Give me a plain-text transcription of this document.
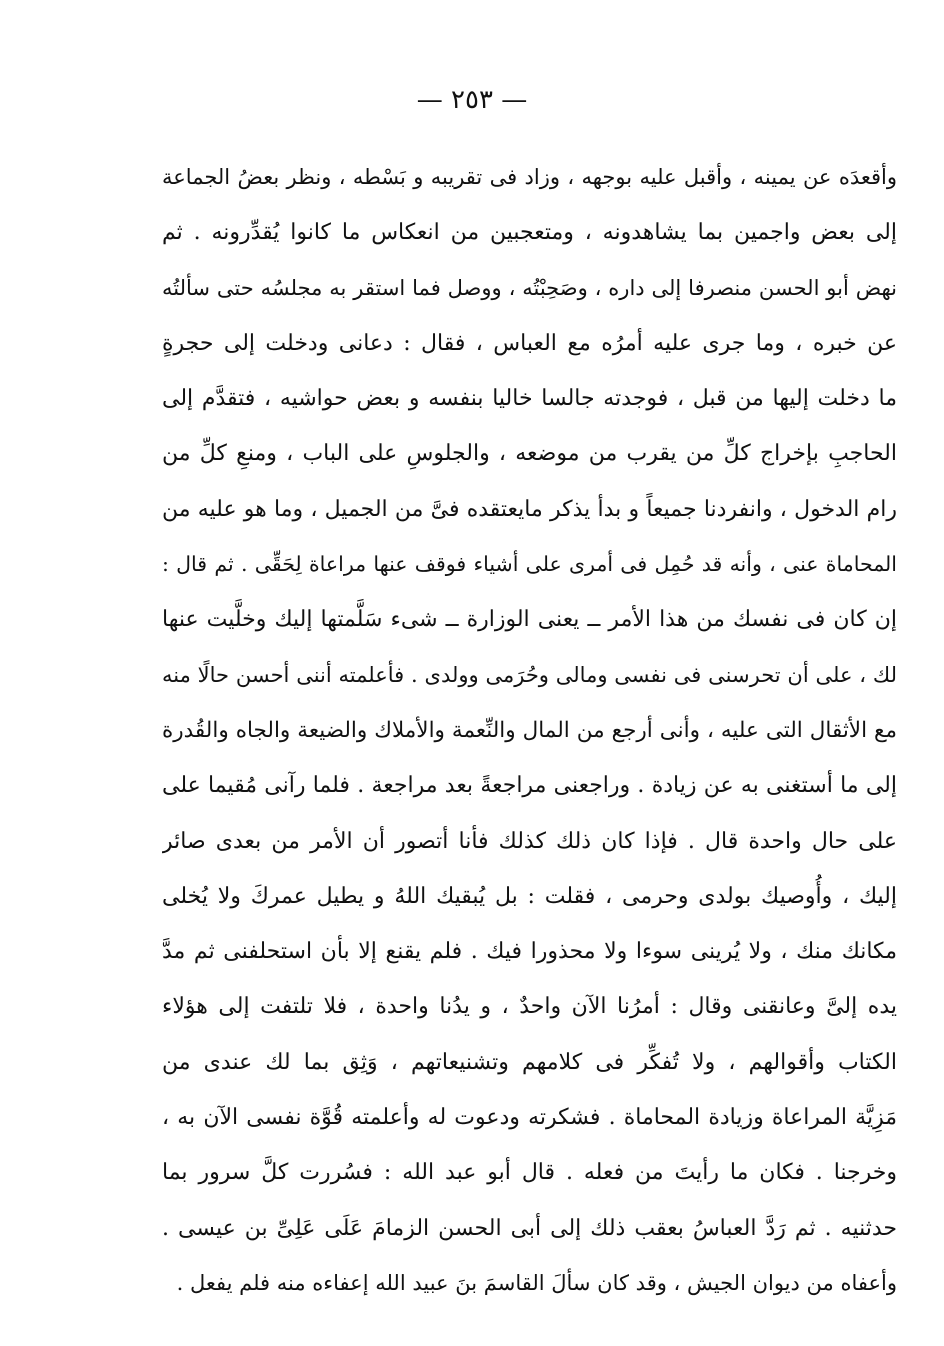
— ٢٥٣ —
وأقعدَه عن يمينه ، وأقبل عليه بوجهه ، وزاد فى تقريبه و بَسْطه ، ونظر بعضُ الجماعة
إلى بعض واجمين بما يشاهدونه ، ومتعجبين من انعكاس ما كانوا يُقدِّرونه . ثم
نهض أبو الحسن منصرفا إلى داره ، وصَحِبْتُه ، ووصل فما استقر به مجلسُه حتى سألتُه
عن خبره ، وما جرى عليه أمرُه مع العباس ، فقال : دعانى ودخلت إلى حجرةٍ
ما دخلت إليها من قبل ، فوجدته جالسا خاليا بنفسه و بعض حواشيه ، فتقدَّم إلى
الحاجبِ بإخراج كلِّ من يقرب من موضعه ، والجلوسِ على الباب ، ومنعِ كلِّ من
رام الدخول ، وانفردنا جميعاً و بدأ يذكر مايعتقده فىَّ من الجميل ، وما هو عليه من
المحاماة عنى ، وأنه قد حُمِل فى أمرى على أشياء فوقف عنها مراعاة لِحَقِّى . ثم قال :
إن كان فى نفسك من هذا الأمر ــ يعنى الوزارة ــ شىء سَلَّمتها إليك وخلَّيت عنها
لك ، على أن تحرسنى فى نفسى ومالى وحُرَمى وولدى . فأعلمته أننى أحسن حالًا منه
مع الأثقال التى عليه ، وأنى أرجع من المال والنِّعمة والأملاك والضيعة والجاه والقُدرة
إلى ما أستغنى به عن زيادة . وراجعنى مراجعةً بعد مراجعة . فلما رآنى مُقيما على
على حال واحدة قال . فإذا كان ذلك كذلك فأنا أتصور أن الأمر من بعدى صائر
إليك ، وأُوصيك بولدى وحرمى ، فقلت : بل يُبقيك اللهُ و يطيل عمركَ ولا يُخلى
مكانك منك ، ولا يُرينى سوءا ولا محذورا فيك . فلم يقنع إلا بأن استحلفنى ثم مدَّ
يده إلىَّ وعانقنى وقال : أمرُنا الآن واحدٌ ، و يدُنا واحدة ، فلا تلتفت إلى هؤلاء
الكتاب وأقوالهم ، ولا تُفكِّر فى كلامهم وتشنيعاتهم ، وَثِق بما لك عندى من
مَزِيَّة المراعاة وزيادة المحاماة . فشكرته ودعوت له وأعلمته قُوَّة نفسى الآن به ،
وخرجنا . فكان ما رأيتَ من فعله . قال أبو عبد الله : فسُررت كلَّ سرور بما
حدثنيه . ثم رَدَّ العباسُ بعقب ذلك إلى أبى الحسن الزمامَ عَلَى عَلِىِّ بن عيسى .
وأعفاه من ديوان الجيش ، وقد كان سألَ القاسمَ بنَ عبيد الله إعفاءه منه فلم يفعل .
